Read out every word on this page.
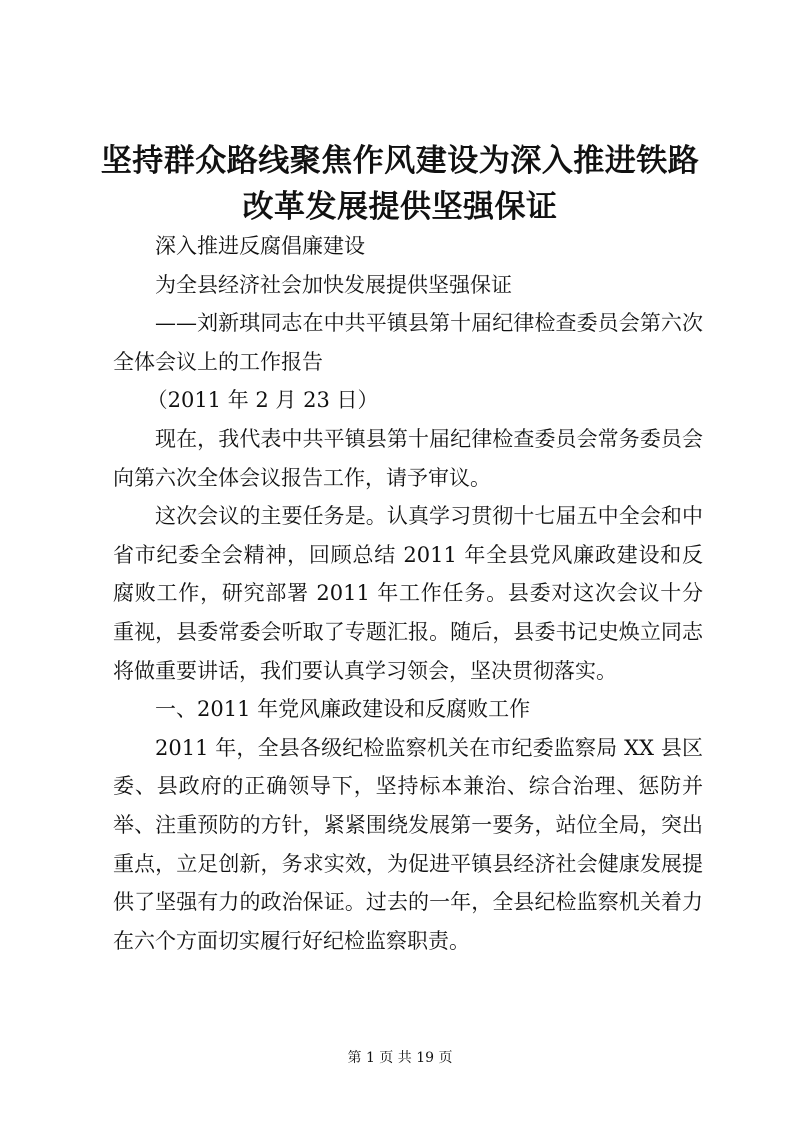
坚持群众路线聚焦作风建设为深入推进铁路改革发展提供坚强保证

深入推进反腐倡廉建设

为全县经济社会加快发展提供坚强保证

——刘新琪同志在中共平镇县第十届纪律检查委员会第六次全体会议上的工作报告

（2011 年 2 月 23 日）

现在，我代表中共平镇县第十届纪律检查委员会常务委员会向第六次全体会议报告工作，请予审议。

这次会议的主要任务是。认真学习贯彻十七届五中全会和中省市纪委全会精神，回顾总结 2011 年全县党风廉政建设和反腐败工作，研究部署 2011 年工作任务。县委对这次会议十分重视，县委常委会听取了专题汇报。随后，县委书记史焕立同志将做重要讲话，我们要认真学习领会，坚决贯彻落实。

一、2011 年党风廉政建设和反腐败工作

2011 年，全县各级纪检监察机关在市纪委监察局 XX 县区委、县政府的正确领导下，坚持标本兼治、综合治理、惩防并举、注重预防的方针，紧紧围绕发展第一要务，站位全局，突出重点，立足创新，务求实效，为促进平镇县经济社会健康发展提供了坚强有力的政治保证。过去的一年，全县纪检监察机关着力在六个方面切实履行好纪检监察职责。

第 1 页 共 19 页
